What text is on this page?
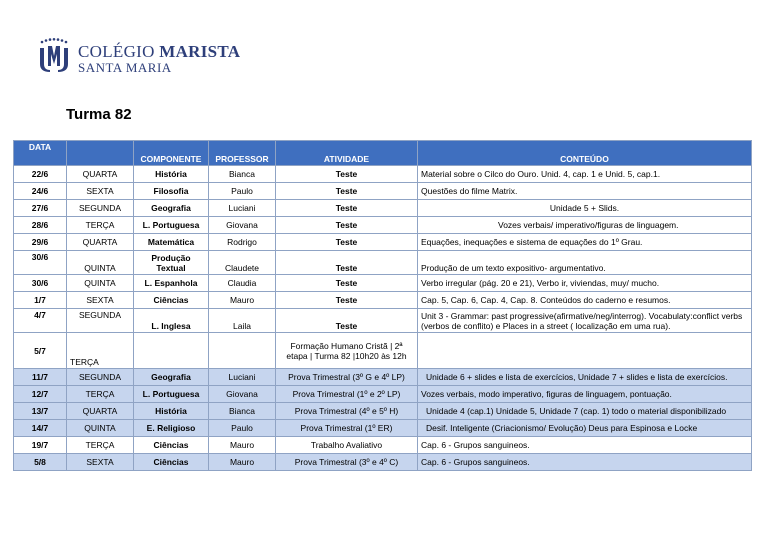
COLÉGIO MARISTA
SANTA MARIA
Turma 82
DATA		COMPONENTE	PROFESSOR	ATIVIDADE	CONTEÚDO
22/6	QUARTA	História	Bianca	Teste	Material sobre o Cilco do Ouro. Unid. 4, cap. 1 e Unid. 5, cap.1.
24/6	SEXTA	Filosofia	Paulo	Teste	Questões do filme Matrix.
27/6	SEGUNDA	Geografia	Luciani	Teste	Unidade 5 + Slids.
28/6	TERÇA	L. Portuguesa	Giovana	Teste	Vozes verbais/ imperativo/figuras de linguagem.
29/6	QUARTA	Matemática	Rodrigo	Teste	Equações, inequações e sistema de equações do 1º Grau.
30/6	QUINTA	Produção Textual	Claudete	Teste	Produção de um texto expositivo- argumentativo.
30/6	QUINTA	L. Espanhola	Claudia	Teste	Verbo irregular (pág. 20 e 21), Verbo ir, viviendas, muy/ mucho.
1/7	SEXTA	Ciências	Mauro	Teste	Cap. 5, Cap. 6, Cap. 4, Cap. 8. Conteúdos do caderno e resumos.
4/7	SEGUNDA	L. Inglesa	Laila	Teste	Unit 3 - Grammar: past progressive(afirmative/neg/interrog). Vocabulaty:conflict verbs (verbos de conflito) e Places in a street ( localização em uma rua).
5/7	TERÇA			Formação Humano Cristã | 2ª etapa | Turma 82 |10h20 às 12h	
11/7	SEGUNDA	Geografia	Luciani	Prova Trimestral (3º G e 4º LP)	Unidade 6 + slides e lista de exercícios, Unidade 7 + slides e lista de exercícios.
12/7	TERÇA	L. Portuguesa	Giovana	Prova Trimestral (1º e 2º LP)	Vozes verbais, modo imperativo, figuras de linguagem, pontuação.
13/7	QUARTA	História	Bianca	Prova Trimestral (4º e 5º H)	Unidade 4 (cap.1) Unidade 5, Unidade 7 (cap. 1) todo o material disponibilizado
14/7	QUINTA	E. Religioso	Paulo	Prova Trimestral (1º ER)	Desif. Inteligente (Criacionismo/ Evolução) Deus para Espinosa e Locke
19/7	TERÇA	Ciências	Mauro	Trabalho Avaliativo	Cap. 6 - Grupos sanguineos.
5/8	SEXTA	Ciências	Mauro	Prova Trimestral (3º e 4º C)	Cap. 6 - Grupos sanguineos.
